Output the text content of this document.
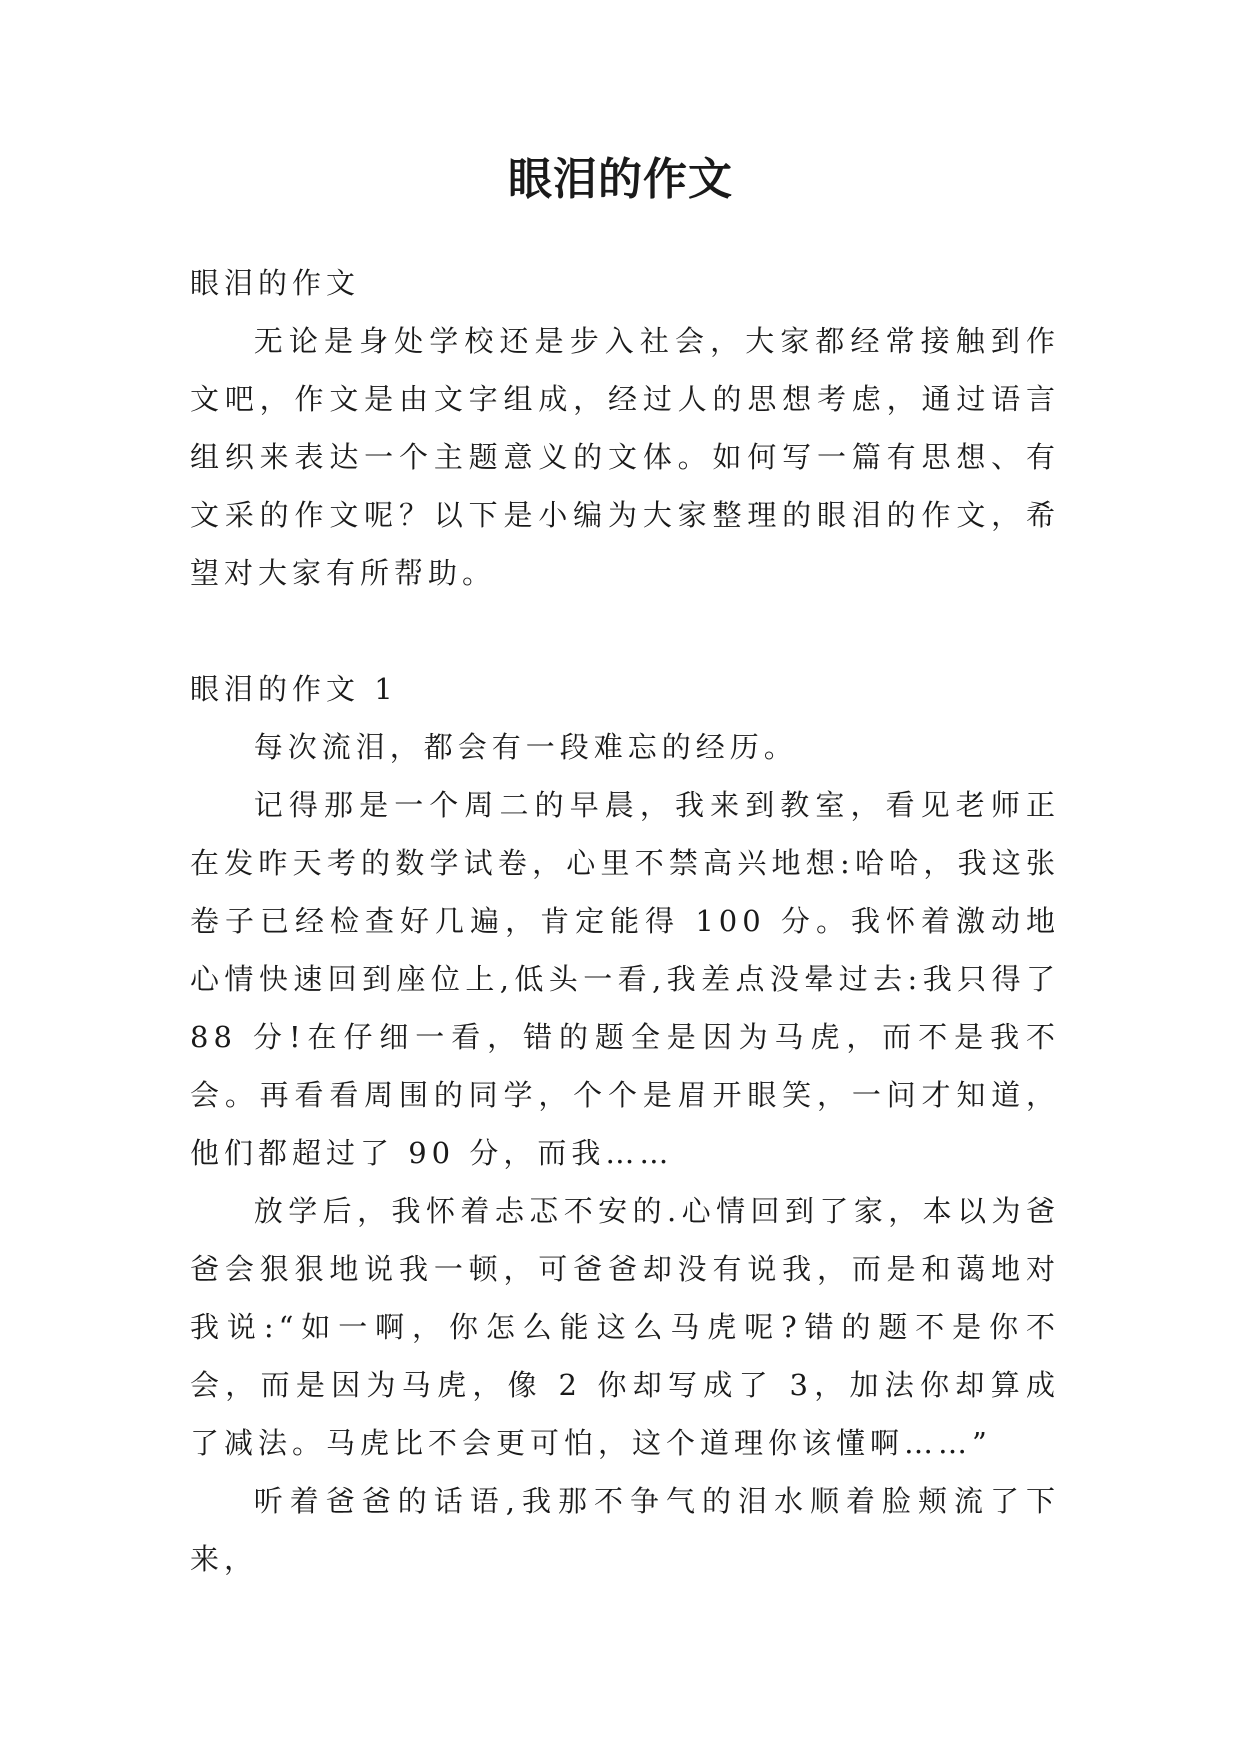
眼泪的作文

眼泪的作文

无论是身处学校还是步入社会，大家都经常接触到作文吧，作文是由文字组成，经过人的思想考虑，通过语言组织来表达一个主题意义的文体。如何写一篇有思想、有文采的作文呢？以下是小编为大家整理的眼泪的作文，希望对大家有所帮助。

眼泪的作文 1

每次流泪，都会有一段难忘的经历。

记得那是一个周二的早晨，我来到教室，看见老师正在发昨天考的数学试卷，心里不禁高兴地想:哈哈，我这张卷子已经检查好几遍，肯定能得 100 分。我怀着激动地心情快速回到座位上,低头一看,我差点没晕过去:我只得了 88 分!在仔细一看，错的题全是因为马虎，而不是我不会。再看看周围的同学，个个是眉开眼笑，一问才知道，他们都超过了 90 分，而我……

放学后，我怀着忐忑不安的.心情回到了家，本以为爸爸会狠狠地说我一顿，可爸爸却没有说我，而是和蔼地对我说:“如一啊，你怎么能这么马虎呢?错的题不是你不会，而是因为马虎，像 2 你却写成了 3，加法你却算成了减法。马虎比不会更可怕，这个道理你该懂啊……”

听着爸爸的话语,我那不争气的泪水顺着脸颊流了下来，
